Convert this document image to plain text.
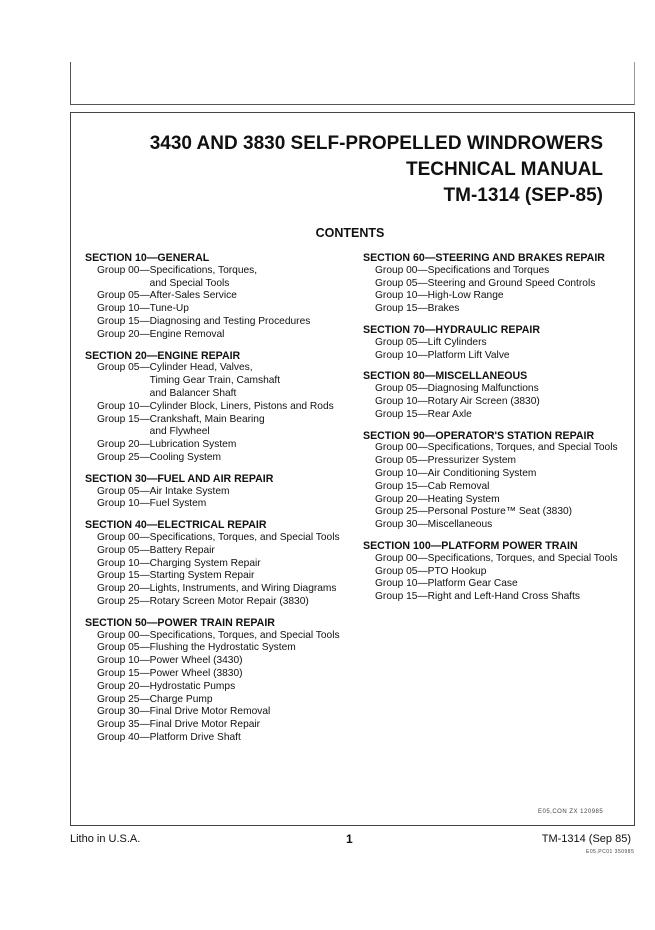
3430 AND 3830 SELF-PROPELLED WINDROWERS
TECHNICAL MANUAL
TM-1314 (SEP-85)
CONTENTS
SECTION 10—GENERAL
Group 00— Specifications, Torques,
and Special Tools
Group 05— After-Sales Service
Group 10— Tune-Up
Group 15— Diagnosing and Testing Procedures
Group 20— Engine Removal
SECTION 20—ENGINE REPAIR
Group 05— Cylinder Head, Valves,
Timing Gear Train, Camshaft
and Balancer Shaft
Group 10— Cylinder Block, Liners, Pistons and Rods
Group 15— Crankshaft, Main Bearing
and Flywheel
Group 20— Lubrication System
Group 25— Cooling System
SECTION 30—FUEL AND AIR REPAIR
Group 05— Air Intake System
Group 10— Fuel System
SECTION 40—ELECTRICAL REPAIR
Group 00— Specifications, Torques, and Special Tools
Group 05— Battery Repair
Group 10— Charging System Repair
Group 15— Starting System Repair
Group 20— Lights, Instruments, and Wiring Diagrams
Group 25— Rotary Screen Motor Repair (3830)
SECTION 50—POWER TRAIN REPAIR
Group 00— Specifications, Torques, and Special Tools
Group 05— Flushing the Hydrostatic System
Group 10— Power Wheel (3430)
Group 15— Power Wheel (3830)
Group 20— Hydrostatic Pumps
Group 25— Charge Pump
Group 30— Final Drive Motor Removal
Group 35— Final Drive Motor Repair
Group 40— Platform Drive Shaft
SECTION 60—STEERING AND BRAKES REPAIR
Group 00— Specifications and Torques
Group 05— Steering and Ground Speed Controls
Group 10— High-Low Range
Group 15— Brakes
SECTION 70—HYDRAULIC REPAIR
Group 05— Lift Cylinders
Group 10— Platform Lift Valve
SECTION 80—MISCELLANEOUS
Group 05— Diagnosing Malfunctions
Group 10— Rotary Air Screen (3830)
Group 15— Rear Axle
SECTION 90—OPERATOR'S STATION REPAIR
Group 00— Specifications, Torques, and Special Tools
Group 05— Pressurizer System
Group 10— Air Conditioning System
Group 15— Cab Removal
Group 20— Heating System
Group 25— Personal Posture™ Seat (3830)
Group 30— Miscellaneous
SECTION 100—PLATFORM POWER TRAIN
Group 00— Specifications, Torques, and Special Tools
Group 05— PTO Hookup
Group 10— Platform Gear Case
Group 15— Right and Left-Hand Cross Shafts
E05,CON ZX 120985
E05,PC01 350985
Litho in U.S.A.	1	TM-1314 (Sep 85)
